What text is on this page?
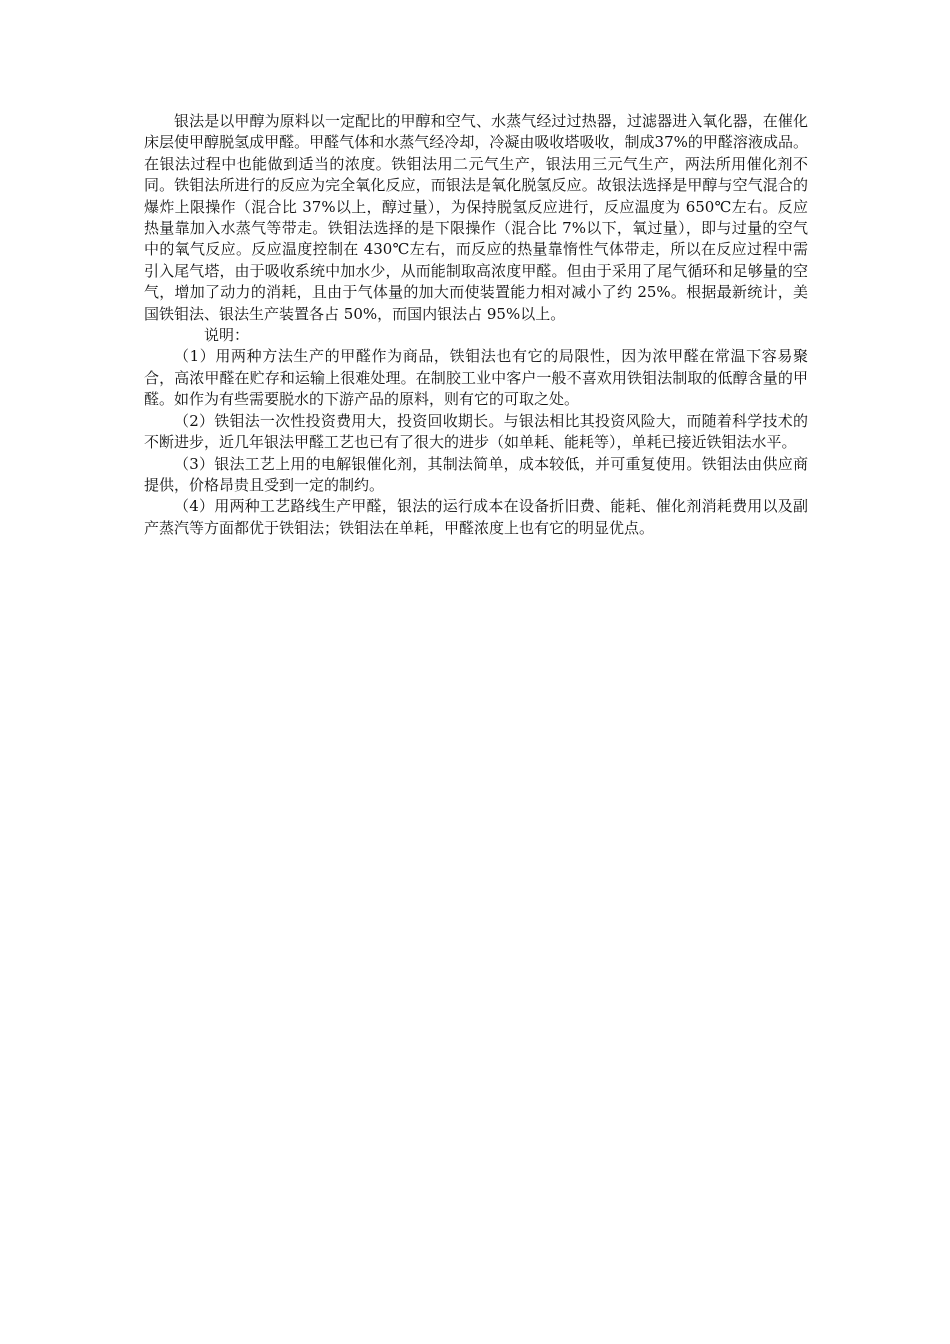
银法是以甲醇为原料以一定配比的甲醇和空气、水蒸气经过过热器，过滤器进入氧化器，在催化床层使甲醇脱氢成甲醛。甲醛气体和水蒸气经冷却，冷凝由吸收塔吸收，制成37%的甲醛溶液成品。在银法过程中也能做到适当的浓度。铁钼法用二元气生产，银法用三元气生产，两法所用催化剂不同。铁钼法所进行的反应为完全氧化反应，而银法是氧化脱氢反应。故银法选择是甲醇与空气混合的爆炸上限操作（混合比 37%以上，醇过量），为保持脱氢反应进行，反应温度为 650℃左右。反应热量靠加入水蒸气等带走。铁钼法选择的是下限操作（混合比 7%以下，氧过量），即与过量的空气中的氧气反应。反应温度控制在 430℃左右，而反应的热量靠惰性气体带走，所以在反应过程中需引入尾气塔，由于吸收系统中加水少，从而能制取高浓度甲醛。但由于采用了尾气循环和足够量的空气，增加了动力的消耗，且由于气体量的加大而使装置能力相对减小了约 25%。根据最新统计，美国铁钼法、银法生产装置各占 50%，而国内银法占 95%以上。

说明：

（1）用两种方法生产的甲醛作为商品，铁钼法也有它的局限性，因为浓甲醛在常温下容易聚合，高浓甲醛在贮存和运输上很难处理。在制胶工业中客户一般不喜欢用铁钼法制取的低醇含量的甲醛。如作为有些需要脱水的下游产品的原料，则有它的可取之处。

（2）铁钼法一次性投资费用大，投资回收期长。与银法相比其投资风险大，而随着科学技术的不断进步，近几年银法甲醛工艺也已有了很大的进步（如单耗、能耗等），单耗已接近铁钼法水平。

（3）银法工艺上用的电解银催化剂，其制法简单，成本较低，并可重复使用。铁钼法由供应商提供，价格昂贵且受到一定的制约。

（4）用两种工艺路线生产甲醛，银法的运行成本在设备折旧费、能耗、催化剂消耗费用以及副产蒸汽等方面都优于铁钼法；铁钼法在单耗，甲醛浓度上也有它的明显优点。
